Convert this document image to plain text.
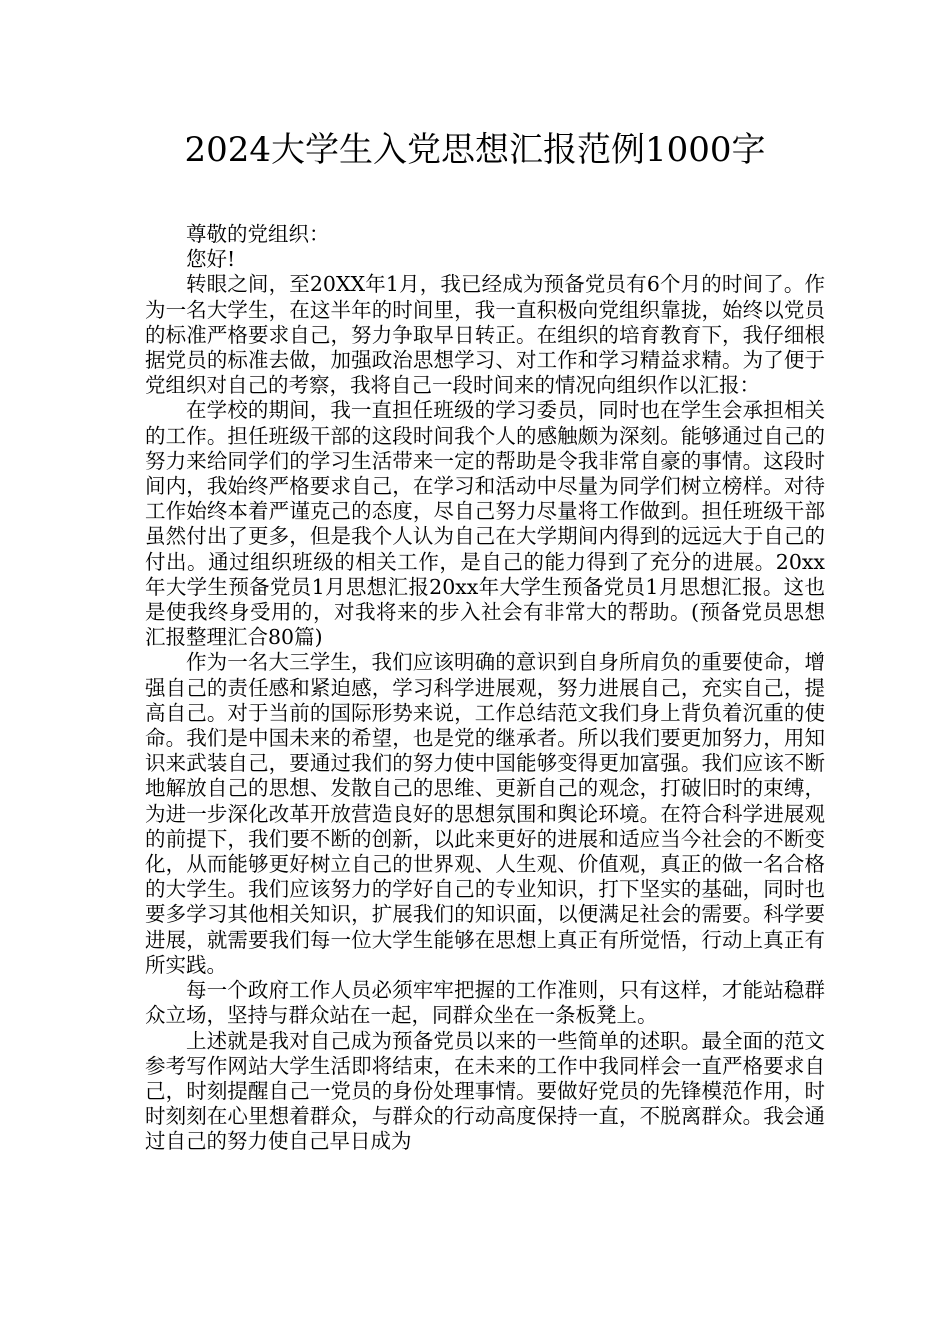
2024大学生入党思想汇报范例1000字

尊敬的党组织：

您好!

转眼之间，至20XX年1月，我已经成为预备党员有6个月的时间了。作为一名大学生，在这半年的时间里，我一直积极向党组织靠拢，始终以党员的标准严格要求自己，努力争取早日转正。在组织的培育教育下，我仔细根据党员的标准去做，加强政治思想学习、对工作和学习精益求精。为了便于党组织对自己的考察，我将自己一段时间来的情况向组织作以汇报：

在学校的期间，我一直担任班级的学习委员，同时也在学生会承担相关的工作。担任班级干部的这段时间我个人的感触颇为深刻。能够通过自己的努力来给同学们的学习生活带来一定的帮助是令我非常自豪的事情。这段时间内，我始终严格要求自己，在学习和活动中尽量为同学们树立榜样。对待工作始终本着严谨克己的态度，尽自己努力尽量将工作做到。担任班级干部虽然付出了更多，但是我个人认为自己在大学期间内得到的远远大于自己的付出。通过组织班级的相关工作，是自己的能力得到了充分的进展。20xx年大学生预备党员1月思想汇报20xx年大学生预备党员1月思想汇报。这也是使我终身受用的，对我将来的步入社会有非常大的帮助。(预备党员思想汇报整理汇合80篇)

作为一名大三学生，我们应该明确的意识到自身所肩负的重要使命，增强自己的责任感和紧迫感，学习科学进展观，努力进展自己，充实自己，提高自己。对于当前的国际形势来说，工作总结范文我们身上背负着沉重的使命。我们是中国未来的希望，也是党的继承者。所以我们要更加努力，用知识来武装自己，要通过我们的努力使中国能够变得更加富强。我们应该不断地解放自己的思想、发散自己的思维、更新自己的观念，打破旧时的束缚，为进一步深化改革开放营造良好的思想氛围和舆论环境。在符合科学进展观的前提下，我们要不断的创新，以此来更好的进展和适应当今社会的不断变化，从而能够更好树立自己的世界观、人生观、价值观，真正的做一名合格的大学生。我们应该努力的学好自己的专业知识，打下坚实的基础，同时也要多学习其他相关知识，扩展我们的知识面，以便满足社会的需要。科学要进展，就需要我们每一位大学生能够在思想上真正有所觉悟，行动上真正有所实践。

每一个政府工作人员必须牢牢把握的工作准则，只有这样，才能站稳群众立场，坚持与群众站在一起，同群众坐在一条板凳上。

上述就是我对自己成为预备党员以来的一些简单的述职。最全面的范文参考写作网站大学生活即将结束，在未来的工作中我同样会一直严格要求自己，时刻提醒自己一党员的身份处理事情。要做好党员的先锋模范作用，时时刻刻在心里想着群众，与群众的行动高度保持一直，不脱离群众。我会通过自己的努力使自己早日成为
